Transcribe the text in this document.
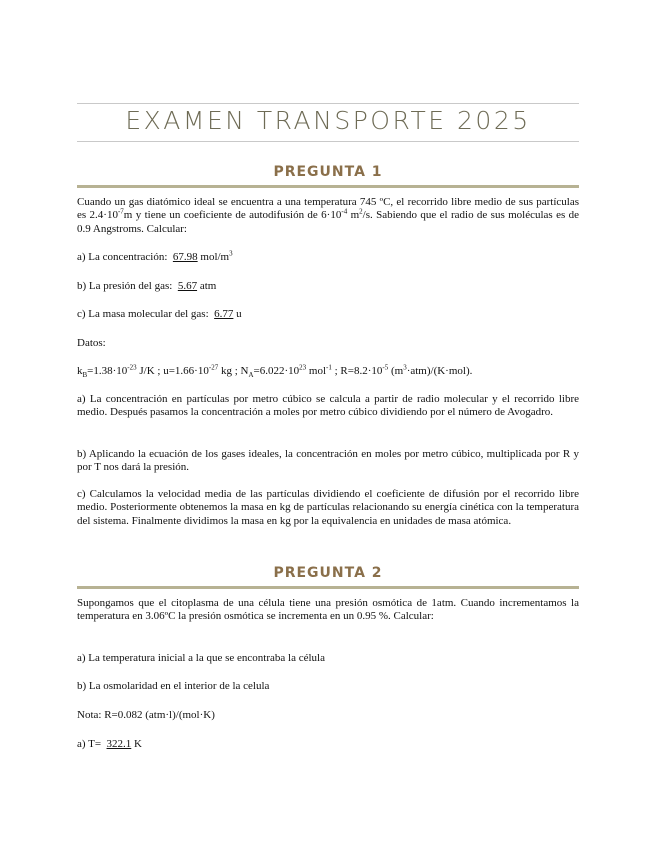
EXAMEN TRANSPORTE 2025
PREGUNTA 1

Cuando un gas diatómico ideal se encuentra a una temperatura 745 ºC, el recorrido libre medio de sus partículas es $2.4\cdot 10^{-7}m$ y tiene un coeficiente de autodifusión de $6\cdot 10^{-4}$ $m^2/s$. Sabiendo que el radio de sus moléculas es de 0.9 Angstroms. Calcular:

a) La concentración: 67.98 mol/$m^3$

b) La presión del gas: 5.67 atm

c) La masa molecular del gas: 6.77 u

Datos:

$k_B=1.38\cdot 10^{-23}$ J/K ; $u=1.66\cdot 10^{-27}$ kg ; $N_A=6.022\cdot 10^{23}$ mol$^{-1}$ ; $R=8.2\cdot 10^{-5}$ $(m^3\cdot atm)/(K\cdot mol)$.

a) La concentración en partículas por metro cúbico se calcula a partir de radio molecular y el recorrido libre medio. Después pasamos la concentración a moles por metro cúbico dividiendo por el número de Avogadro.

b) Aplicando la ecuación de los gases ideales, la concentración en moles por metro cúbico, multiplicada por R y por T nos dará la presión.

c) Calculamos la velocidad media de las partículas dividiendo el coeficiente de difusión por el recorrido libre medio. Posteriormente obtenemos la masa en kg de partículas relacionando su energía cinética con la temperatura del sistema. Finalmente dividimos la masa en kg por la equivalencia en unidades de masa atómica.

PREGUNTA 2

Supongamos que el citoplasma de una célula tiene una presión osmótica de 1atm. Cuando incrementamos la temperatura en 3.06ºC la presión osmótica se incrementa en un 0.95 %. Calcular:

a) La temperatura inicial a la que se encontraba la célula

b) La osmolaridad en el interior de la celula

Nota: R=0.082 (atm·l)/(mol·K)

a) T= 322.1 K
